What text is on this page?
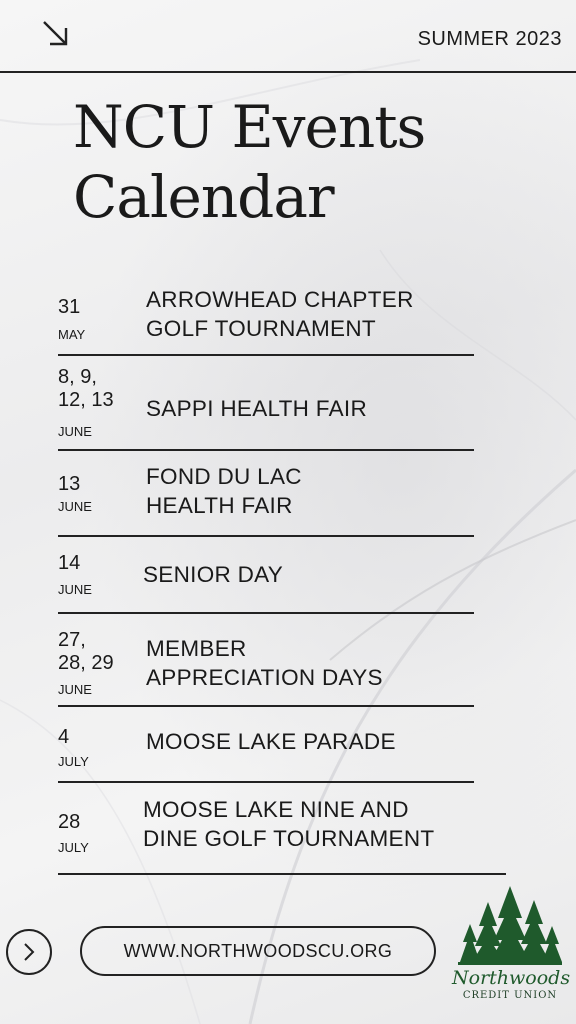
SUMMER 2023
NCU Events
Calendar
31
MAY
ARROWHEAD CHAPTER
GOLF TOURNAMENT
8, 9,
12, 13
JUNE
SAPPI HEALTH FAIR
13
JUNE
FOND DU LAC
HEALTH FAIR
14
JUNE
SENIOR DAY
27,
28, 29
JUNE
MEMBER
APPRECIATION DAYS
4
JULY
MOOSE LAKE PARADE
28
JULY
MOOSE LAKE NINE AND
DINE GOLF TOURNAMENT
WWW.NORTHWOODSCU.ORG
Northwoods
CREDIT UNION
